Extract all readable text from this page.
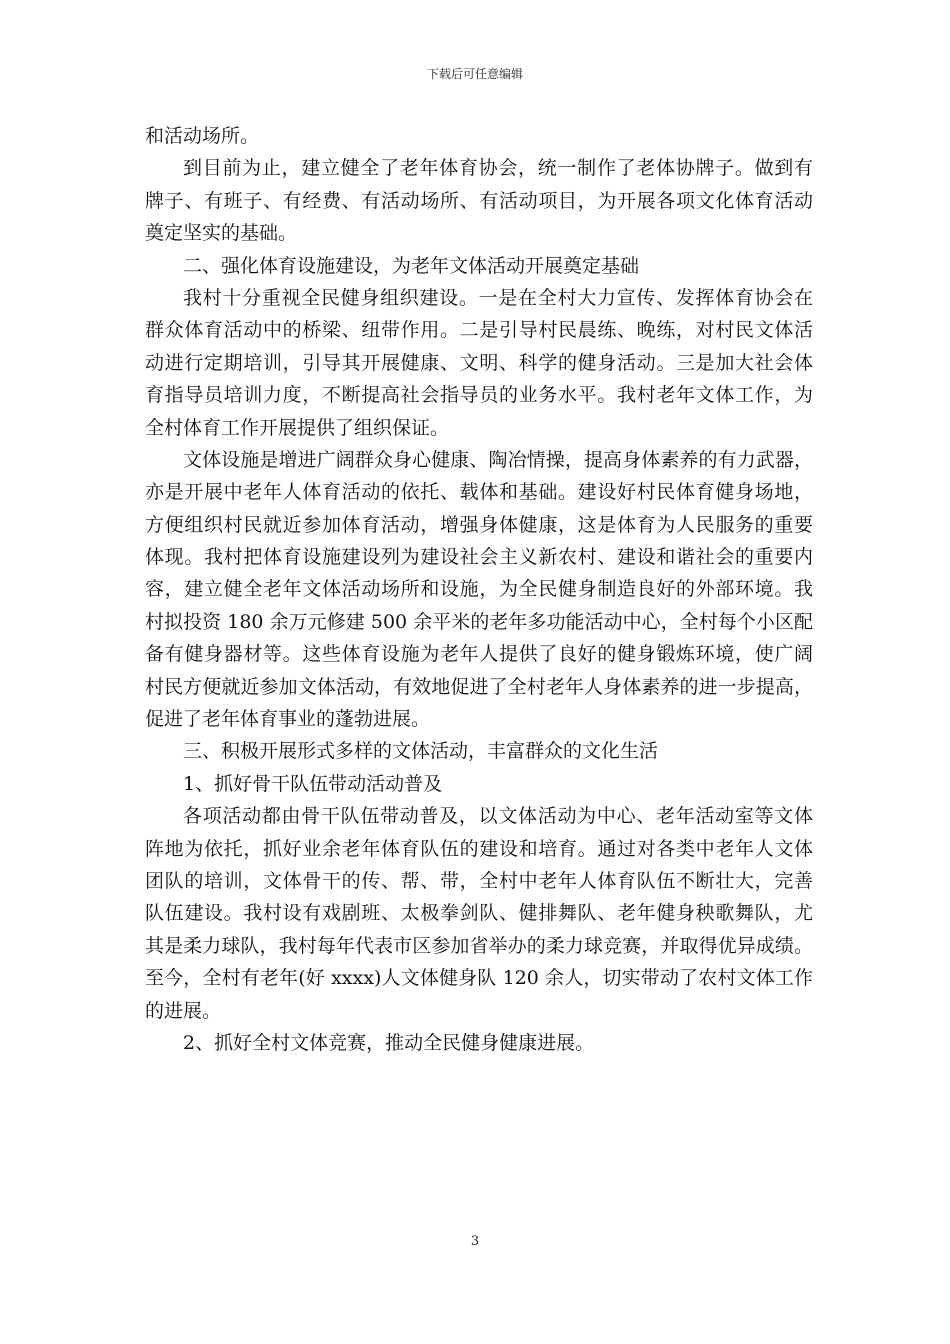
下载后可任意编辑
和活动场所。
到目前为止，建立健全了老年体育协会，统一制作了老体协牌子。做到有
牌子、有班子、有经费、有活动场所、有活动项目，为开展各项文化体育活动
奠定坚实的基础。
二、强化体育设施建设，为老年文体活动开展奠定基础
我村十分重视全民健身组织建设。一是在全村大力宣传、发挥体育协会在
群众体育活动中的桥梁、纽带作用。二是引导村民晨练、晚练，对村民文体活
动进行定期培训，引导其开展健康、文明、科学的健身活动。三是加大社会体
育指导员培训力度，不断提高社会指导员的业务水平。我村老年文体工作，为
全村体育工作开展提供了组织保证。
文体设施是增进广阔群众身心健康、陶冶情操，提高身体素养的有力武器，
亦是开展中老年人体育活动的依托、载体和基础。建设好村民体育健身场地，
方便组织村民就近参加体育活动，增强身体健康，这是体育为人民服务的重要
体现。我村把体育设施建设列为建设社会主义新农村、建设和谐社会的重要内
容，建立健全老年文体活动场所和设施，为全民健身制造良好的外部环境。我
村拟投资 180 余万元修建 500 余平米的老年多功能活动中心，全村每个小区配
备有健身器材等。这些体育设施为老年人提供了良好的健身锻炼环境，使广阔
村民方便就近参加文体活动，有效地促进了全村老年人身体素养的进一步提高，
促进了老年体育事业的蓬勃进展。
三、积极开展形式多样的文体活动，丰富群众的文化生活
1、抓好骨干队伍带动活动普及
各项活动都由骨干队伍带动普及，以文体活动为中心、老年活动室等文体
阵地为依托，抓好业余老年体育队伍的建设和培育。通过对各类中老年人文体
团队的培训，文体骨干的传、帮、带，全村中老年人体育队伍不断壮大，完善
队伍建设。我村设有戏剧班、太极拳剑队、健排舞队、老年健身秧歌舞队，尤
其是柔力球队，我村每年代表市区参加省举办的柔力球竞赛，并取得优异成绩。
至今，全村有老年(好 xxxx)人文体健身队 120 余人，切实带动了农村文体工作
的进展。
2、抓好全村文体竞赛，推动全民健身健康进展。
3
